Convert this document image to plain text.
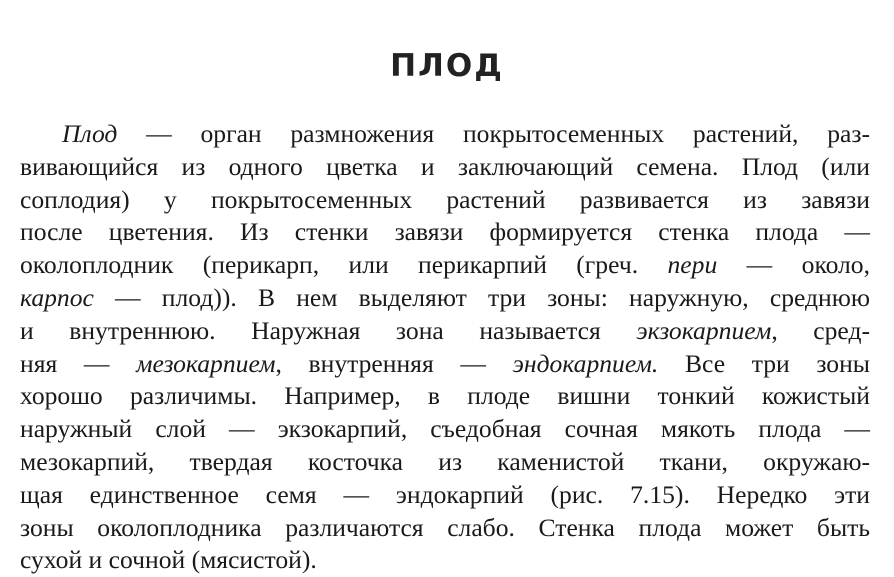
ПЛОД
Плод — орган размножения покрытосеменных растений, раз-
вивающийся из одного цветка и заключающий семена. Плод (или
соплодия) у покрытосеменных растений развивается из завязи
после цветения. Из стенки завязи формируется стенка плода —
околоплодник (перикарп, или перикарпий (греч. пери — около,
карпос — плод)). В нем выделяют три зоны: наружную, среднюю
и внутреннюю. Наружная зона называется экзокарпием, сред-
няя — мезокарпием, внутренняя — эндокарпием. Все три зоны
хорошо различимы. Например, в плоде вишни тонкий кожистый
наружный слой — экзокарпий, съедобная сочная мякоть плода —
мезокарпий, твердая косточка из каменистой ткани, окружаю-
щая единственное семя — эндокарпий (рис. 7.15). Нередко эти
зоны околоплодника различаются слабо. Стенка плода может быть
сухой и сочной (мясистой).
